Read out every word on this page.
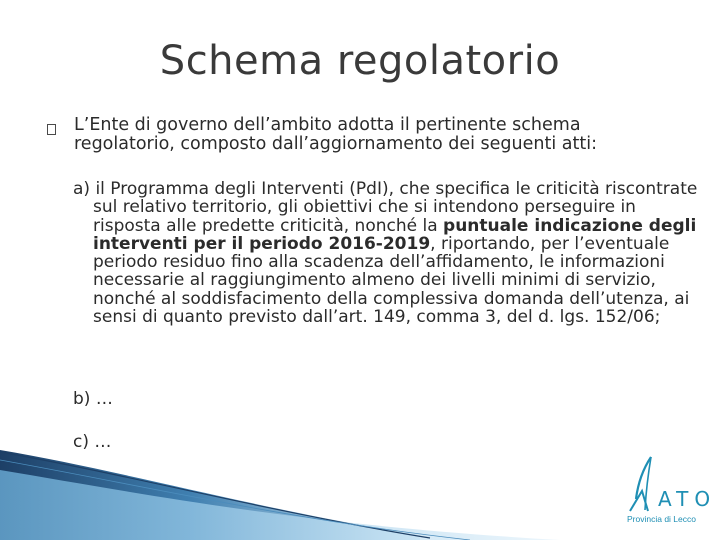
Schema regolatorio
L’Ente di governo dell’ambito adotta il pertinente schema regolatorio, composto dall’aggiornamento dei seguenti atti:
a) il Programma degli Interventi (PdI), che specifica le criticità riscontrate sul relativo territorio, gli obiettivi che si intendono perseguire in risposta alle predette criticità, nonché la puntuale indicazione degli interventi per il periodo 2016-2019, riportando, per l’eventuale periodo residuo fino alla scadenza dell’affidamento, le informazioni necessarie al raggiungimento almeno dei livelli minimi di servizio, nonché al soddisfacimento della complessiva domanda dell’utenza, ai sensi di quanto previsto dall’art. 149, comma 3, del d. lgs. 152/06;
b) …
c) …
ATO
Provincia di Lecco
